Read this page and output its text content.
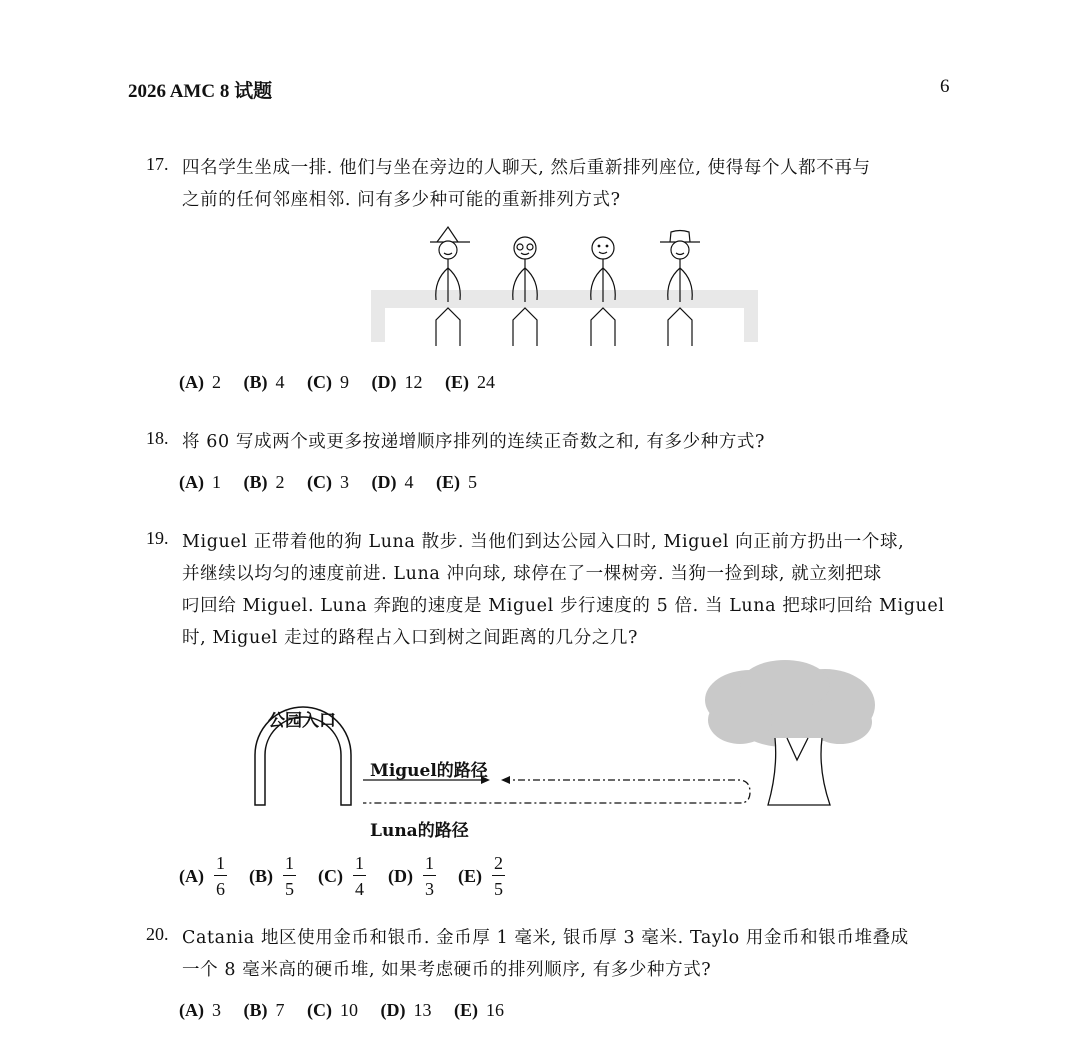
2026 AMC 8 试题	6
17. 四名学生坐成一排. 他们与坐在旁边的人聊天, 然后重新排列座位, 使得每个人都不再与
之前的任何邻座相邻. 问有多少种可能的重新排列方式?
(A) 2 (B) 4 (C) 9 (D) 12 (E) 24
18. 将 60 写成两个或更多按递增顺序排列的连续正奇数之和, 有多少种方式?
(A) 1 (B) 2 (C) 3 (D) 4 (E) 5
19. Miguel 正带着他的狗 Luna 散步. 当他们到达公园入口时, Miguel 向正前方扔出一个球,
并继续以均匀的速度前进. Luna 冲向球, 球停在了一棵树旁. 当狗一捡到球, 就立刻把球
叼回给 Miguel. Luna 奔跑的速度是 Miguel 步行速度的 5 倍. 当 Luna 把球叼回给 Miguel
时, Miguel 走过的路程占入口到树之间距离的几分之几?
公园入口
Miguel的路径
Luna的路径
$(A) \frac{1}{6} (B) \frac{1}{5} (C) \frac{1}{4} (D) \frac{1}{3} (E) \frac{2}{5}$
20. Catania 地区使用金币和银币. 金币厚 1 毫米, 银币厚 3 毫米. Taylo 用金币和银币堆叠成
一个 8 毫米高的硬币堆, 如果考虑硬币的排列顺序, 有多少种方式?
(A) 3 (B) 7 (C) 10 (D) 13 (E) 16
